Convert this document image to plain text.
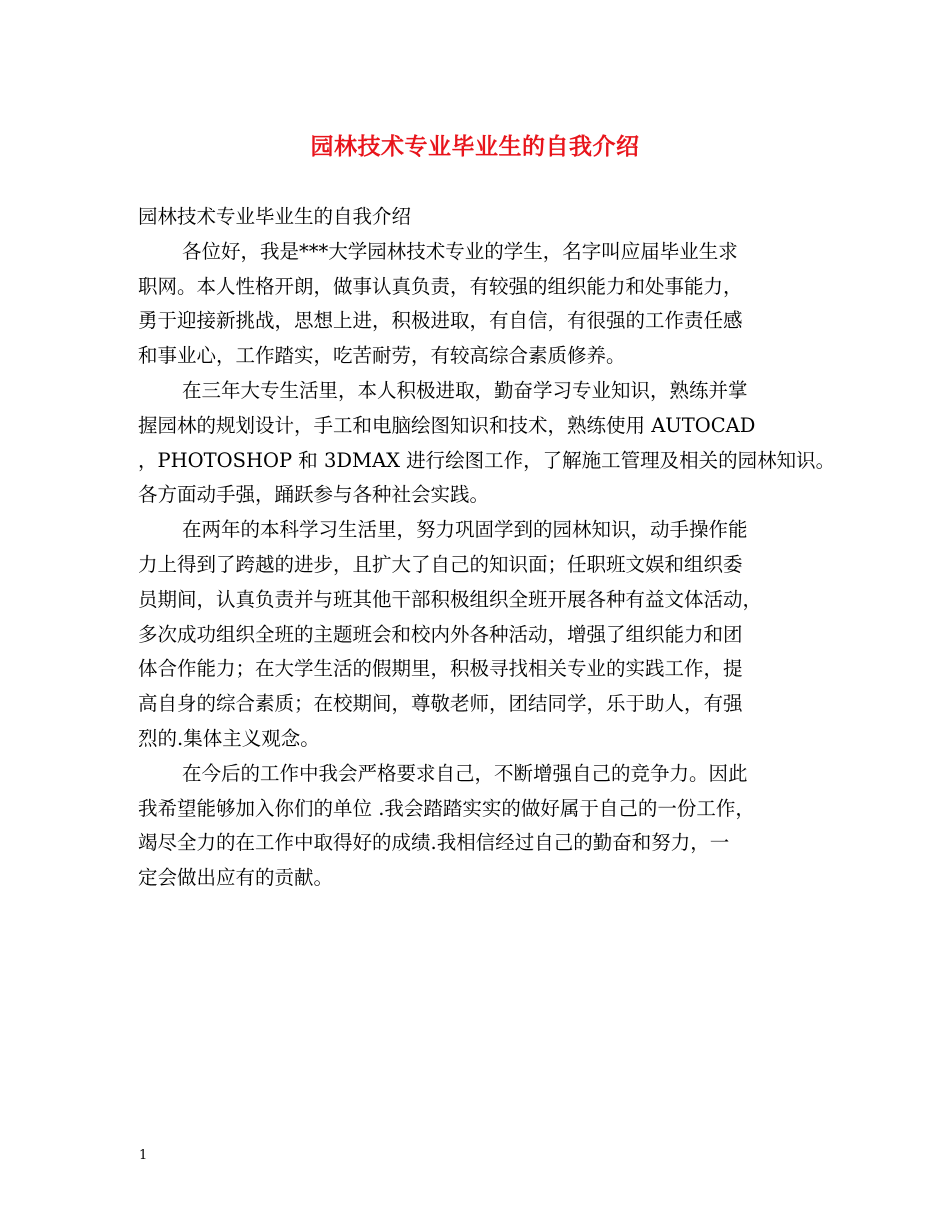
园林技术专业毕业生的自我介绍

园林技术专业毕业生的自我介绍

各位好，我是***大学园林技术专业的学生，名字叫应届毕业生求
职网。本人性格开朗，做事认真负责，有较强的组织能力和处事能力，
勇于迎接新挑战，思想上进，积极进取，有自信，有很强的工作责任感
和事业心，工作踏实，吃苦耐劳，有较高综合素质修养。
在三年大专生活里，本人积极进取，勤奋学习专业知识，熟练并掌
握园林的规划设计，手工和电脑绘图知识和技术，熟练使用 AUTOCAD
，PHOTOSHOP 和 3DMAX 进行绘图工作，了解施工管理及相关的园林知识。
各方面动手强，踊跃参与各种社会实践。
在两年的本科学习生活里，努力巩固学到的园林知识，动手操作能
力上得到了跨越的进步，且扩大了自己的知识面；任职班文娱和组织委
员期间，认真负责并与班其他干部积极组织全班开展各种有益文体活动，
多次成功组织全班的主题班会和校内外各种活动，增强了组织能力和团
体合作能力；在大学生活的假期里，积极寻找相关专业的实践工作，提
高自身的综合素质；在校期间，尊敬老师，团结同学，乐于助人，有强
烈的.集体主义观念。
在今后的工作中我会严格要求自己，不断增强自己的竞争力。因此
我希望能够加入你们的单位 .我会踏踏实实的做好属于自己的一份工作，
竭尽全力的在工作中取得好的成绩.我相信经过自己的勤奋和努力，一
定会做出应有的贡献。
1
